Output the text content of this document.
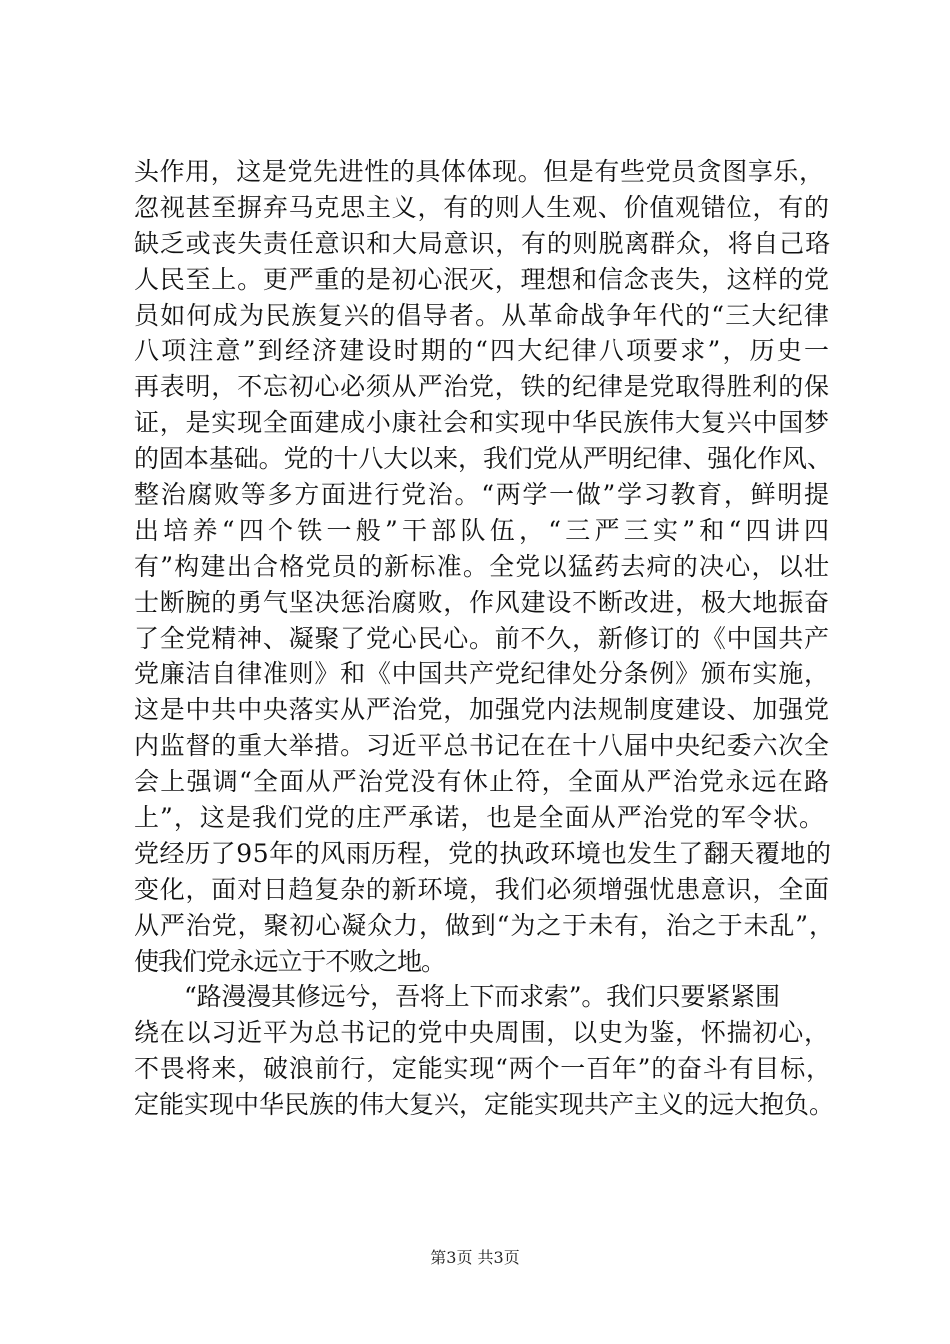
头作用，这是党先进性的具体体现。但是有些党员贪图享乐，
忽视甚至摒弃马克思主义，有的则人生观、价值观错位，有的
缺乏或丧失责任意识和大局意识，有的则脱离群众，将自己珞
人民至上。更严重的是初心泯灭，理想和信念丧失，这样的党
员如何成为民族复兴的倡导者。从革命战争年代的“三大纪律
八项注意”到经济建设时期的“四大纪律八项要求”，历史一
再表明，不忘初心必须从严治党，铁的纪律是党取得胜利的保
证，是实现全面建成小康社会和实现中华民族伟大复兴中国梦
的固本基础。党的十八大以来，我们党从严明纪律、强化作风、
整治腐败等多方面进行党治。“两学一做”学习教育，鲜明提
出培养“四个铁一般”干部队伍，“三严三实”和“四讲四
有”构建出合格党员的新标准。全党以猛药去疴的决心，以壮
士断腕的勇气坚决惩治腐败，作风建设不断改进，极大地振奋
了全党精神、凝聚了党心民心。前不久，新修订的《中国共产
党廉洁自律准则》和《中国共产党纪律处分条例》颁布实施，
这是中共中央落实从严治党，加强党内法规制度建设、加强党
内监督的重大举措。习近平总书记在在十八届中央纪委六次全
会上强调“全面从严治党没有休止符，全面从严治党永远在路
上”，这是我们党的庄严承诺，也是全面从严治党的军令状。
党经历了95年的风雨历程，党的执政环境也发生了翻天覆地的
变化，面对日趋复杂的新环境，我们必须增强忧患意识，全面
从严治党，聚初心凝众力，做到“为之于未有，治之于未乱”，
使我们党永远立于不败之地。
“路漫漫其修远兮，吾将上下而求索”。我们只要紧紧围
绕在以习近平为总书记的党中央周围，以史为鉴，怀揣初心，
不畏将来，破浪前行，定能实现“两个一百年”的奋斗有目标，
定能实现中华民族的伟大复兴，定能实现共产主义的远大抱负。
第3页 共3页
